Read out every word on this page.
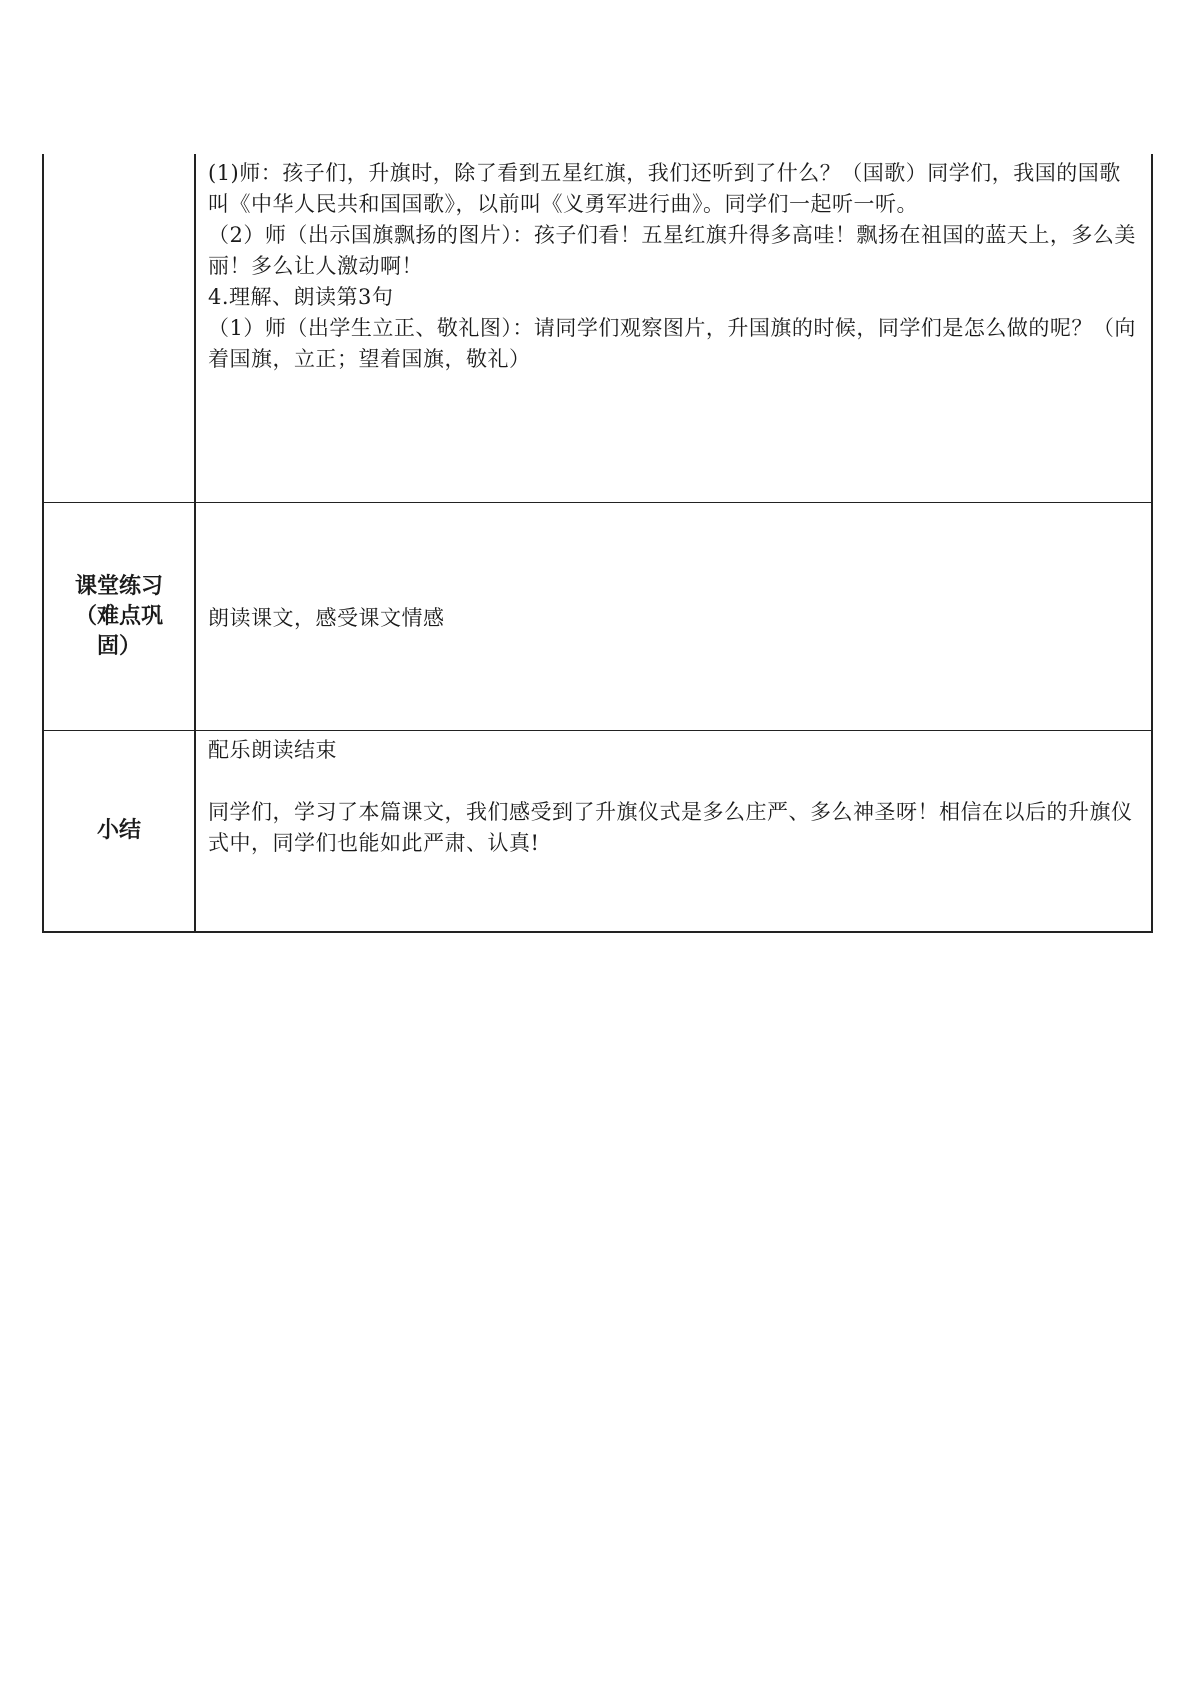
	(1)师：孩子们，升旗时，除了看到五星红旗，我们还听到了什么？（国歌）同学们，我国的国歌叫《中华人民共和国国歌》，以前叫《义勇军进行曲》。同学们一起听一听。

（2）师（出示国旗飘扬的图片）：孩子们看！五星红旗升得多高哇！飘扬在祖国的蓝天上，多么美丽！多么让人激动啊！

4.理解、朗读第3句

（1）师（出学生立正、敬礼图）：请同学们观察图片，升国旗的时候，同学们是怎么做的呢？（向着国旗，立正；望着国旗，敬礼）

课堂练习（难点巩固）	朗读课文，感受课文情感

小结	配乐朗读结束

同学们，学习了本篇课文，我们感受到了升旗仪式是多么庄严、多么神圣呀！相信在以后的升旗仪式中，同学们也能如此严肃、认真!
